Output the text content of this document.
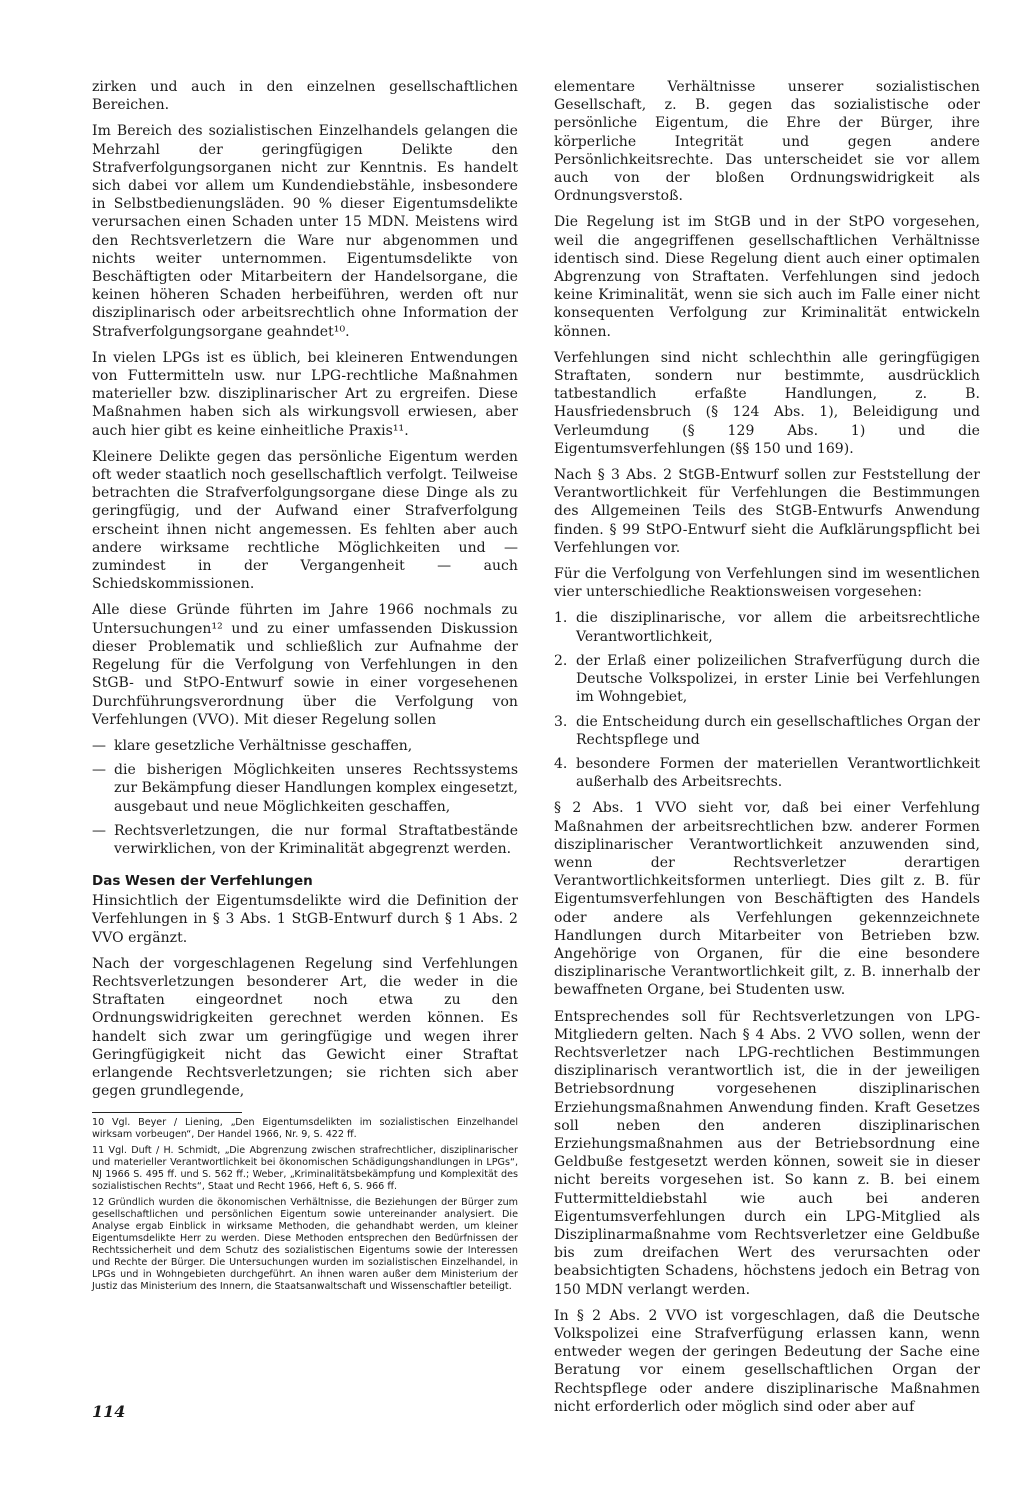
zirken und auch in den einzelnen gesellschaftlichen Bereichen.

Im Bereich des sozialistischen Einzelhandels gelangen die Mehrzahl der geringfügigen Delikte den Strafverfolgungsorganen nicht zur Kenntnis. Es handelt sich dabei vor allem um Kundendiebstähle, insbesondere in Selbstbedienungsläden. 90 % dieser Eigentumsdelikte verursachen einen Schaden unter 15 MDN. Meistens wird den Rechtsverletzern die Ware nur abgenommen und nichts weiter unternommen. Eigentumsdelikte von Beschäftigten oder Mitarbeitern der Handelsorgane, die keinen höheren Schaden herbeiführen, werden oft nur disziplinarisch oder arbeitsrechtlich ohne Information der Strafverfolgungsorgane geahndet¹⁰.

In vielen LPGs ist es üblich, bei kleineren Entwendungen von Futtermitteln usw. nur LPG-rechtliche Maßnahmen materieller bzw. disziplinarischer Art zu ergreifen. Diese Maßnahmen haben sich als wirkungsvoll erwiesen, aber auch hier gibt es keine einheitliche Praxis¹¹.

Kleinere Delikte gegen das persönliche Eigentum werden oft weder staatlich noch gesellschaftlich verfolgt. Teilweise betrachten die Strafverfolgungsorgane diese Dinge als zu geringfügig, und der Aufwand einer Strafverfolgung erscheint ihnen nicht angemessen. Es fehlten aber auch andere wirksame rechtliche Möglichkeiten und — zumindest in der Vergangenheit — auch Schiedskommissionen.

Alle diese Gründe führten im Jahre 1966 nochmals zu Untersuchungen¹² und zu einer umfassenden Diskussion dieser Problematik und schließlich zur Aufnahme der Regelung für die Verfolgung von Verfehlungen in den StGB- und StPO-Entwurf sowie in einer vorgesehenen Durchführungsverordnung über die Verfolgung von Verfehlungen (VVO). Mit dieser Regelung sollen

— klare gesetzliche Verhältnisse geschaffen,
— die bisherigen Möglichkeiten unseres Rechtssystems zur Bekämpfung dieser Handlungen komplex eingesetzt, ausgebaut und neue Möglichkeiten geschaffen,
— Rechtsverletzungen, die nur formal Straftatbestände verwirklichen, von der Kriminalität abgegrenzt werden.
Das Wesen der Verfehlungen

Hinsichtlich der Eigentumsdelikte wird die Definition der Verfehlungen in § 3 Abs. 1 StGB-Entwurf durch § 1 Abs. 2 VVO ergänzt.

Nach der vorgeschlagenen Regelung sind Verfehlungen Rechtsverletzungen besonderer Art, die weder in die Straftaten eingeordnet noch etwa zu den Ordnungswidrigkeiten gerechnet werden können. Es handelt sich zwar um geringfügige und wegen ihrer Geringfügigkeit nicht das Gewicht einer Straftat erlangende Rechtsverletzungen; sie richten sich aber gegen grundlegende,

10 Vgl. Beyer / Liening, „Den Eigentumsdelikten im sozialistischen Einzelhandel wirksam vorbeugen“, Der Handel 1966, Nr. 9, S. 422 ff.

11 Vgl. Duft / H. Schmidt, „Die Abgrenzung zwischen strafrechtlicher, disziplinarischer und materieller Verantwortlichkeit bei ökonomischen Schädigungshandlungen in LPGs“, NJ 1966 S. 495 ff. und S. 562 ff.; Weber, „Kriminalitätsbekämpfung und Komplexität des sozialistischen Rechts“, Staat und Recht 1966, Heft 6, S. 966 ff.

12 Gründlich wurden die ökonomischen Verhältnisse, die Beziehungen der Bürger zum gesellschaftlichen und persönlichen Eigentum sowie untereinander analysiert. Die Analyse ergab Einblick in wirksame Methoden, die gehandhabt werden, um kleiner Eigentumsdelikte Herr zu werden. Diese Methoden entsprechen den Bedürfnissen der Rechtssicherheit und dem Schutz des sozialistischen Eigentums sowie der Interessen und Rechte der Bürger. Die Untersuchungen wurden im sozialistischen Einzelhandel, in LPGs und in Wohngebieten durchgeführt. An ihnen waren außer dem Ministerium der Justiz das Ministerium des Innern, die Staatsanwaltschaft und Wissenschaftler beteiligt.

elementare Verhältnisse unserer sozialistischen Gesellschaft, z. B. gegen das sozialistische oder persönliche Eigentum, die Ehre der Bürger, ihre körperliche Integrität und gegen andere Persönlichkeitsrechte. Das unterscheidet sie vor allem auch von der bloßen Ordnungswidrigkeit als Ordnungsverstoß.

Die Regelung ist im StGB und in der StPO vorgesehen, weil die angegriffenen gesellschaftlichen Verhältnisse identisch sind. Diese Regelung dient auch einer optimalen Abgrenzung von Straftaten. Verfehlungen sind jedoch keine Kriminalität, wenn sie sich auch im Falle einer nicht konsequenten Verfolgung zur Kriminalität entwickeln können.

Verfehlungen sind nicht schlechthin alle geringfügigen Straftaten, sondern nur bestimmte, ausdrücklich tatbestandlich erfaßte Handlungen, z. B. Hausfriedensbruch (§ 124 Abs. 1), Beleidigung und Verleumdung (§ 129 Abs. 1) und die Eigentumsverfehlungen (§§ 150 und 169).

Nach § 3 Abs. 2 StGB-Entwurf sollen zur Feststellung der Verantwortlichkeit für Verfehlungen die Bestimmungen des Allgemeinen Teils des StGB-Entwurfs Anwendung finden. § 99 StPO-Entwurf sieht die Aufklärungspflicht bei Verfehlungen vor.

Für die Verfolgung von Verfehlungen sind im wesentlichen vier unterschiedliche Reaktionsweisen vorgesehen:

1. die disziplinarische, vor allem die arbeitsrechtliche Verantwortlichkeit,
2. der Erlaß einer polizeilichen Strafverfügung durch die Deutsche Volkspolizei, in erster Linie bei Verfehlungen im Wohngebiet,
3. die Entscheidung durch ein gesellschaftliches Organ der Rechtspflege und
4. besondere Formen der materiellen Verantwortlichkeit außerhalb des Arbeitsrechts.

§ 2 Abs. 1 VVO sieht vor, daß bei einer Verfehlung Maßnahmen der arbeitsrechtlichen bzw. anderer Formen disziplinarischer Verantwortlichkeit anzuwenden sind, wenn der Rechtsverletzer derartigen Verantwortlichkeitsformen unterliegt. Dies gilt z. B. für Eigentumsverfehlungen von Beschäftigten des Handels oder andere als Verfehlungen gekennzeichnete Handlungen durch Mitarbeiter von Betrieben bzw. Angehörige von Organen, für die eine besondere disziplinarische Verantwortlichkeit gilt, z. B. innerhalb der bewaffneten Organe, bei Studenten usw.

Entsprechendes soll für Rechtsverletzungen von LPG-Mitgliedern gelten. Nach § 4 Abs. 2 VVO sollen, wenn der Rechtsverletzer nach LPG-rechtlichen Bestimmungen disziplinarisch verantwortlich ist, die in der jeweiligen Betriebsordnung vorgesehenen disziplinarischen Erziehungsmaßnahmen Anwendung finden. Kraft Gesetzes soll neben den anderen disziplinarischen Erziehungsmaßnahmen aus der Betriebsordnung eine Geldbuße festgesetzt werden können, soweit sie in dieser nicht bereits vorgesehen ist. So kann z. B. bei einem Futtermitteldiebstahl wie auch bei anderen Eigentumsverfehlungen durch ein LPG-Mitglied als Disziplinarmaßnahme vom Rechtsverletzer eine Geldbuße bis zum dreifachen Wert des verursachten oder beabsichtigten Schadens, höchstens jedoch ein Betrag von 150 MDN verlangt werden.

In § 2 Abs. 2 VVO ist vorgeschlagen, daß die Deutsche Volkspolizei eine Strafverfügung erlassen kann, wenn entweder wegen der geringen Bedeutung der Sache eine Beratung vor einem gesellschaftlichen Organ der Rechtspflege oder andere disziplinarische Maßnahmen nicht erforderlich oder möglich sind oder aber auf

114
